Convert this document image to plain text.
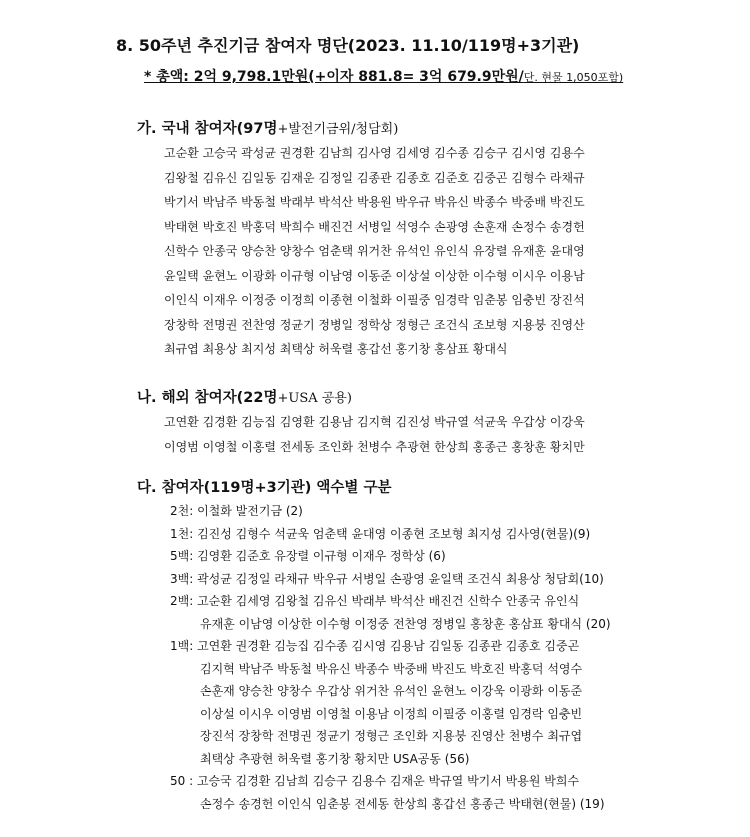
8. 50주년 추진기금 참여자 명단(2023. 11.10/119명+3기관)
* 총액: 2억 9,798.1만원(+이자 881.8= 3억 679.9만원/단. 현물 1,050포함)
가. 국내 참여자(97명+발전기금위/청담회)
고순환 고승국 곽성균 권경환 김남희 김사영 김세영 김수종 김승구 김시영 김용수
김왕철 김유신 김일동 김재운 김정일 김종관 김종호 김준호 김중곤 김형수 라채규
박기서 박남주 박동철 박래부 박석산 박용원 박우규 박유신 박종수 박중배 박진도
박태현 박호진 박홍덕 박희수 배진건 서병일 석영수 손광영 손훈재 손정수 송경헌
신학수 안종국 양승찬 양창수 엄춘택 위거찬 유석인 유인식 유장렬 유재훈 윤대영
윤일택 윤현노 이광화 이규형 이남영 이동준 이상설 이상한 이수형 이시우 이용남
이인식 이재우 이정중 이정희 이종현 이철화 이필중 임경락 임춘봉 임충빈 장진석
장창학 전명권 전찬영 정균기 정병일 정학상 정형근 조건식 조보형 지용붕 진영산
최규엽 최용상 최지성 최택상 허욱렬 홍갑선 홍기창 홍삼표 황대식
나. 해외 참여자(22명+USA 공용)
고연환 김경환 김능집 김영환 김용남 김지혁 김진성 박규열 석균욱 우갑상 이강욱
이영범 이영철 이홍렬 전세동 조인화 천병수 추광현 한상희 홍종근 홍창훈 황치만
다. 참여자(119명+3기관) 액수별 구분
2천: 이철화 발전기금 (2)
1천: 김진성 김형수 석균욱 엄춘택 윤대영 이종현 조보형 최지성 김사영(현물)(9)
5백: 김영환 김준호 유장렬 이규형 이재우 정학상 (6)
3백: 곽성균 김정일 라채규 박우규 서병일 손광영 윤일택 조건식 최용상 청담회(10)
2백: 고순환 김세영 김왕철 김유신 박래부 박석산 배진건 신학수 안종국 유인식
유재훈 이남영 이상한 이수형 이정중 전찬영 정병일 홍창훈 홍삼표 황대식 (20)
1백: 고연환 권경환 김능집 김수종 김시영 김용남 김일동 김종관 김종호 김중곤
김지혁 박남주 박동철 박유신 박종수 박중배 박진도 박호진 박홍덕 석영수
손훈재 양승찬 양창수 우갑상 위거찬 유석인 윤현노 이강욱 이광화 이동준
이상설 이시우 이영범 이영철 이용남 이정희 이필중 이홍렬 임경락 임충빈
장진석 장창학 전명권 정균기 정형근 조인화 지용붕 진영산 천병수 최규엽
최택상 추광현 허욱렬 홍기창 황치만 USA공동 (56)
50 : 고승국 김경환 김남희 김승구 김용수 김재운 박규열 박기서 박용원 박희수
손정수 송경헌 이인식 임춘봉 전세동 한상희 홍갑선 홍종근 박태현(현물) (19)
